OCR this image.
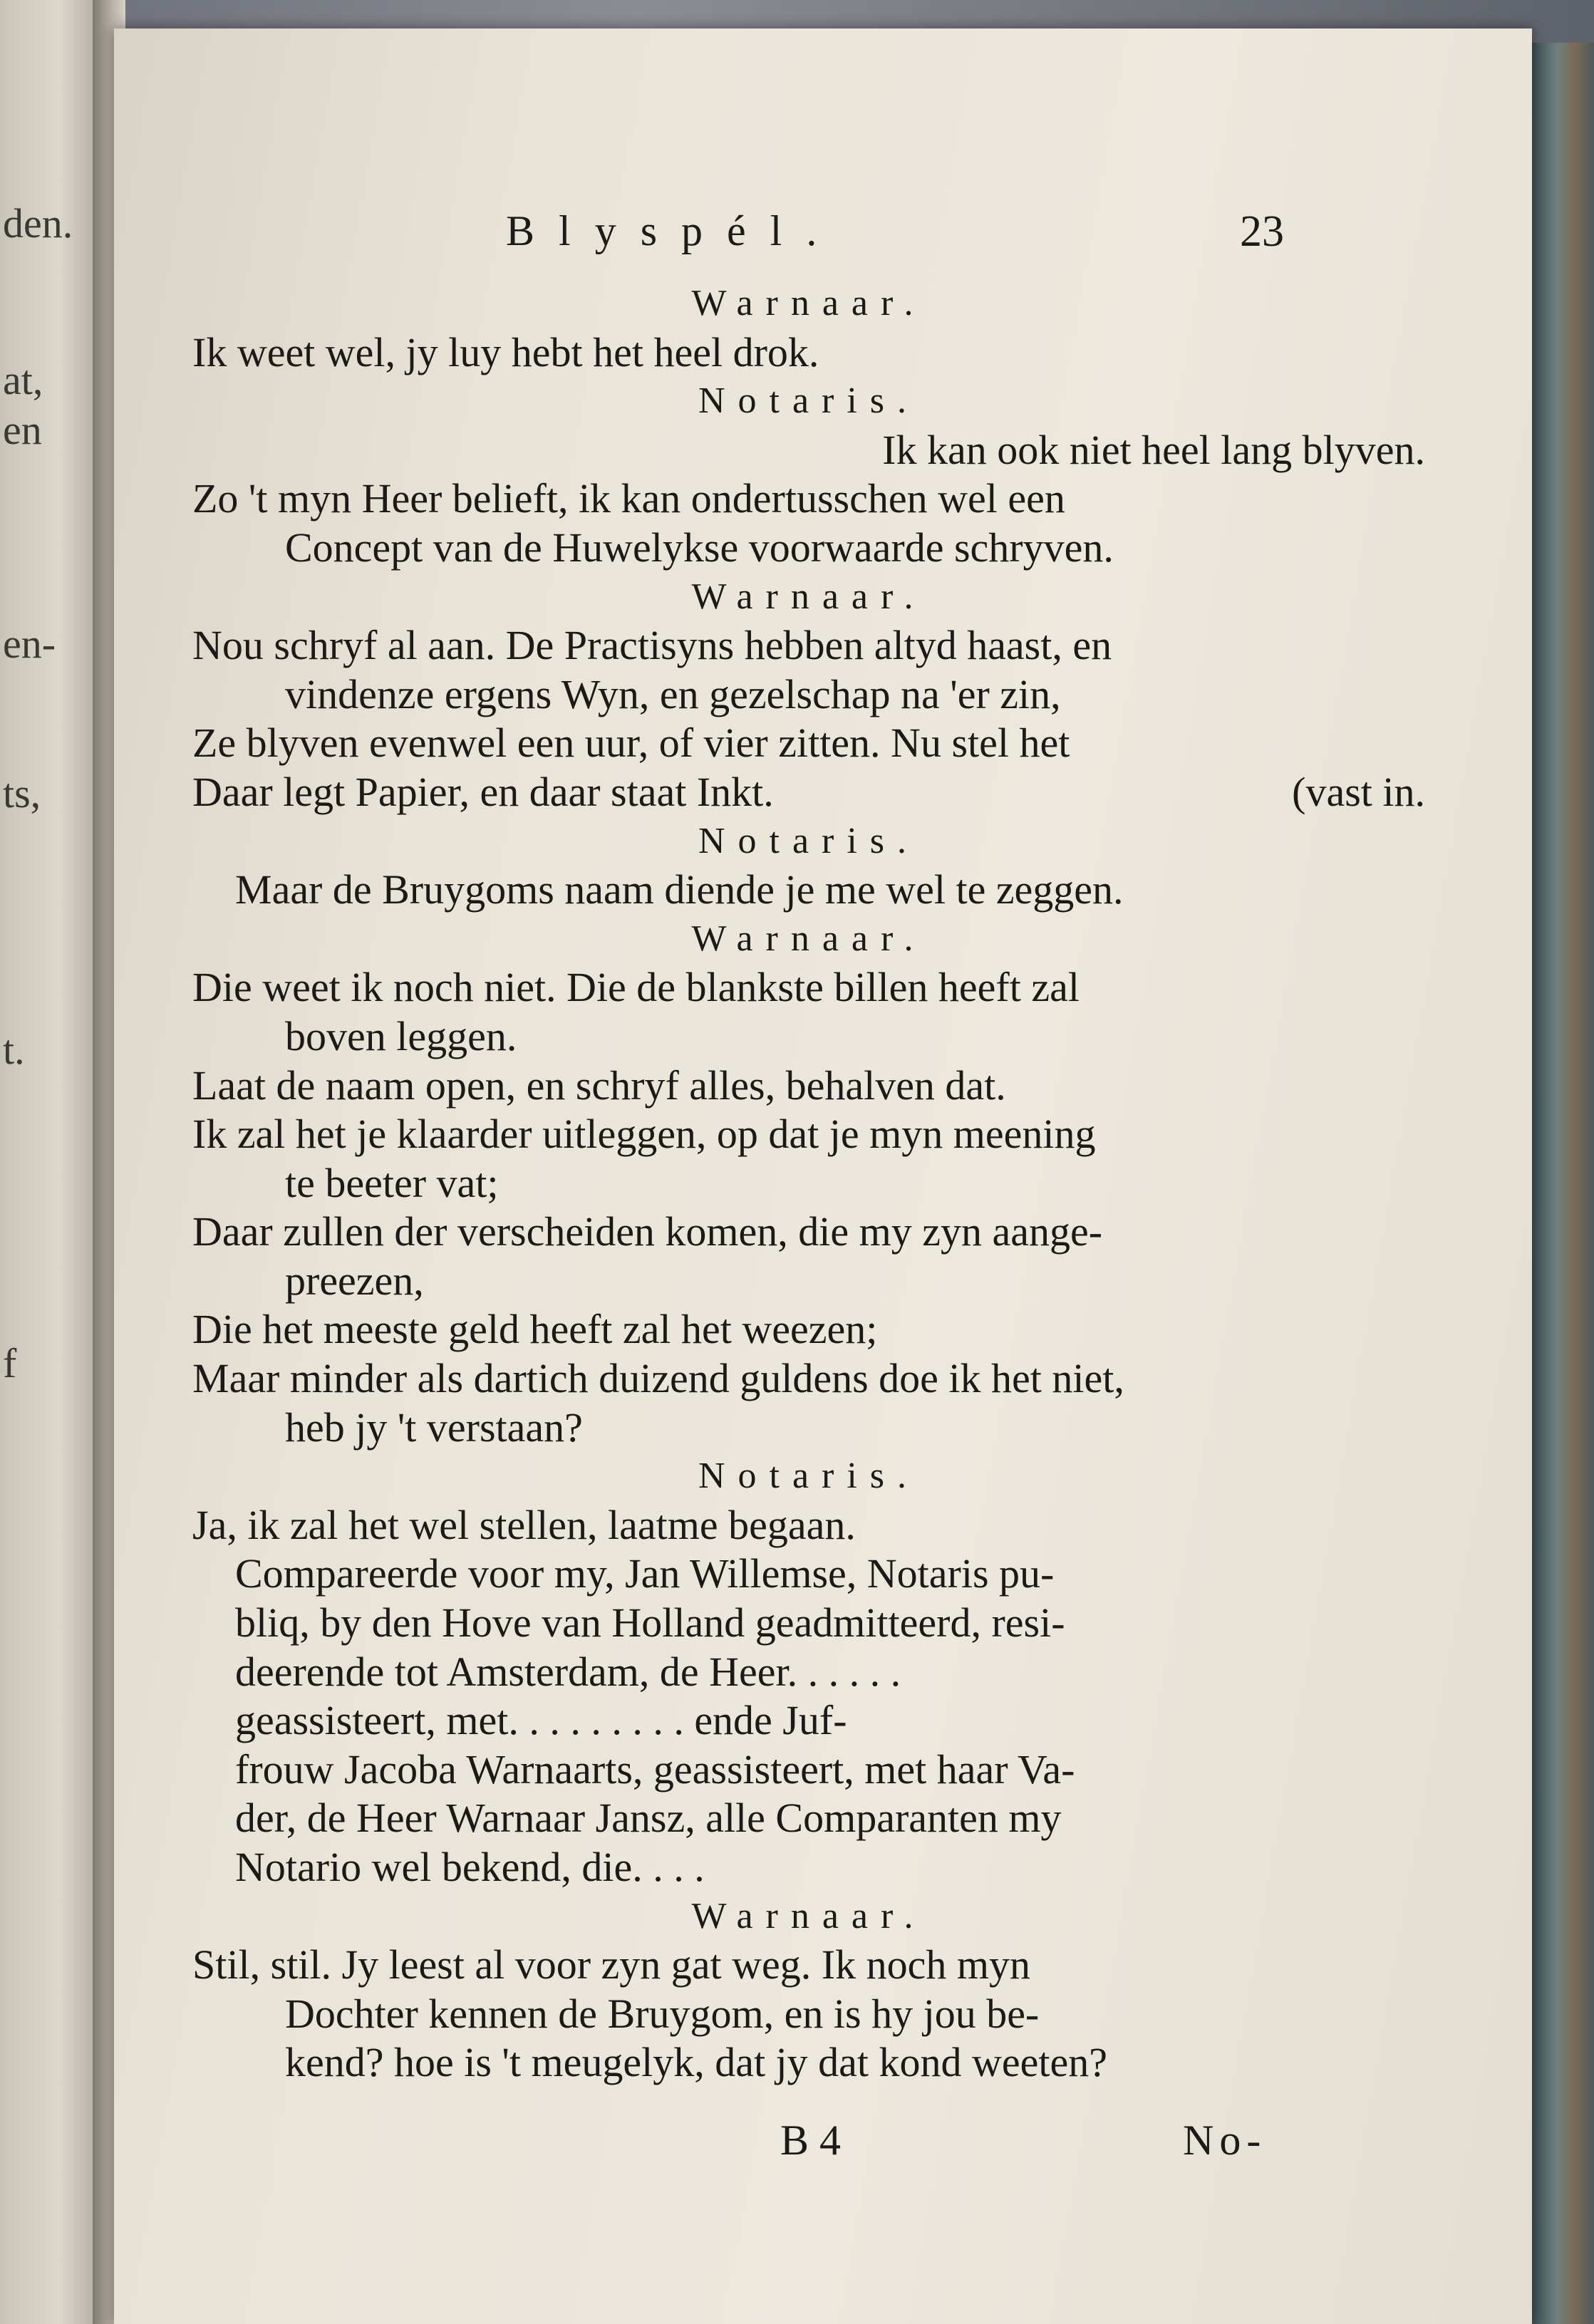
den.

at,

en

en-

ts,

t.

f

Blyspél.	23

Warnaar.
Ik weet wel, jy luy hebt het heel drok.
Notaris.
Ik kan ook niet heel lang blyven.
Zo 't myn Heer belieft, ik kan ondertusschen wel een
Concept van de Huwelykse voorwaarde schryven.
Warnaar.
Nou schryf al aan. De Practisyns hebben altyd haast, en
vindenze ergens Wyn, en gezelschap na 'er zin,
Ze blyven evenwel een uur, of vier zitten. Nu stel het
Daar legt Papier, en daar staat Inkt.	(vast in.
Notaris.
Maar de Bruygoms naam diende je me wel te zeggen.
Warnaar.
Die weet ik noch niet. Die de blankste billen heeft zal
boven leggen.
Laat de naam open, en schryf alles, behalven dat.
Ik zal het je klaarder uitleggen, op dat je myn meening
te beeter vat;
Daar zullen der verscheiden komen, die my zyn aange-
preezen,
Die het meeste geld heeft zal het weezen;
Maar minder als dartich duizend guldens doe ik het niet,
heb jy 't verstaan?
Notaris.
Ja, ik zal het wel stellen, laatme begaan.
Compareerde voor my, Jan Willemse, Notaris pu-
bliq, by den Hove van Holland geadmitteerd, resi-
deerende tot Amsterdam, de Heer. . . . . .
geassisteert, met. . . . . . . . . ende Juf-
frouw Jacoba Warnaarts, geassisteert, met haar Va-
der, de Heer Warnaar Jansz, alle Comparanten my
Notario wel bekend, die. . . .
Warnaar.
Stil, stil. Jy leest al voor zyn gat weg. Ik noch myn
Dochter kennen de Bruygom, en is hy jou be-
kend? hoe is 't meugelyk, dat jy dat kond weeten?

B 4	No-
